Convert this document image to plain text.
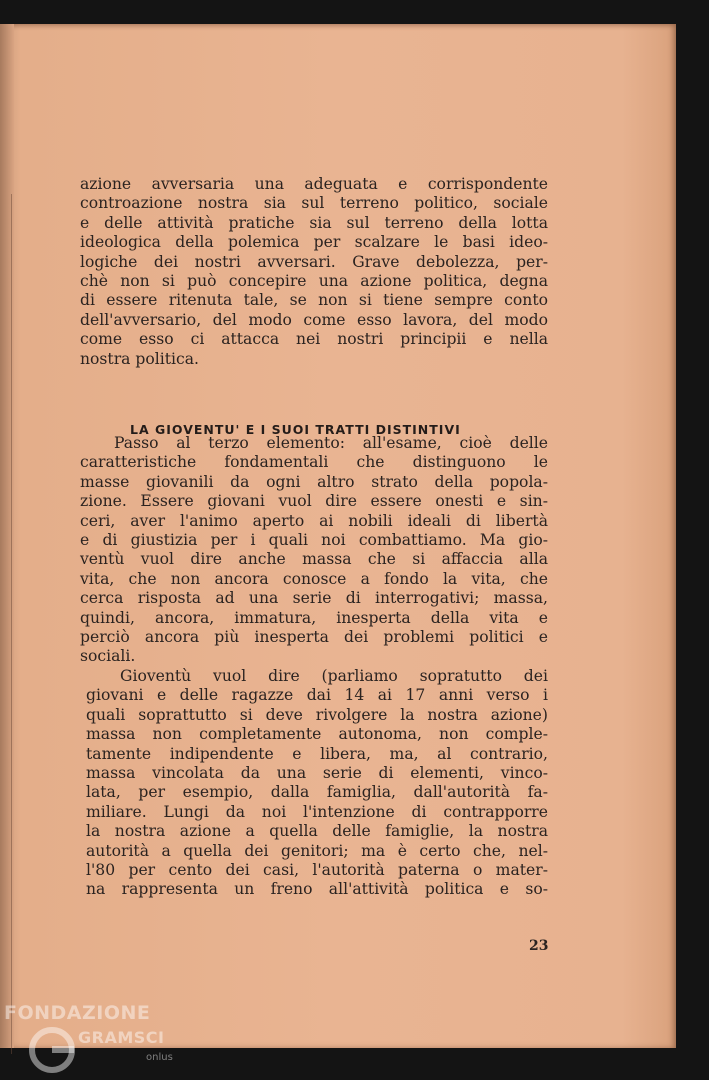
azione avversaria una adeguata e corrispondente
controazione nostra sia sul terreno politico, sociale
e delle attività pratiche sia sul terreno della lotta
ideologica della polemica per scalzare le basi ideo-
logiche dei nostri avversari. Grave debolezza, per-
chè non si può concepire una azione politica, degna
di essere ritenuta tale, se non si tiene sempre conto
dell'avversario, del modo come esso lavora, del modo
come esso ci attacca nei nostri principii e nella
nostra politica.
LA GIOVENTU' E I SUOI TRATTI DISTINTIVI
Passo al terzo elemento: all'esame, cioè delle
caratteristiche fondamentali che distinguono le
masse giovanili da ogni altro strato della popola-
zione. Essere giovani vuol dire essere onesti e sin-
ceri, aver l'animo aperto ai nobili ideali di libertà
e di giustizia per i quali noi combattiamo. Ma gio-
ventù vuol dire anche massa che si affaccia alla
vita, che non ancora conosce a fondo la vita, che
cerca risposta ad una serie di interrogativi; massa,
quindi, ancora, immatura, inesperta della vita e
perciò ancora più inesperta dei problemi politici e
sociali.
Gioventù vuol dire (parliamo sopratutto dei
giovani e delle ragazze dai 14 ai 17 anni verso i
quali soprattutto si deve rivolgere la nostra azione)
massa non completamente autonoma, non comple-
tamente indipendente e libera, ma, al contrario,
massa vincolata da una serie di elementi, vinco-
lata, per esempio, dalla famiglia, dall'autorità fa-
miliare. Lungi da noi l'intenzione di contrapporre
la nostra azione a quella delle famiglie, la nostra
autorità a quella dei genitori; ma è certo che, nel-
l'80 per cento dei casi, l'autorità paterna o mater-
na rappresenta un freno all'attività politica e so-
23
FONDAZIONE
GRAMSCI
onlus
